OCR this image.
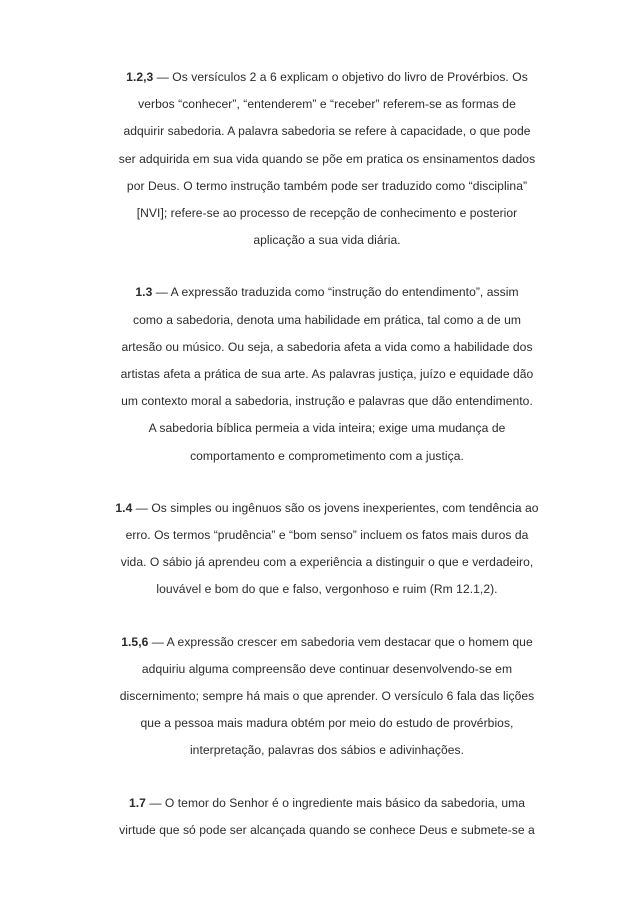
1.2,3 — Os versículos 2 a 6 explicam o objetivo do livro de Provérbios. Os
verbos “conhecer”, “entenderem” e “receber” referem-se as formas de
adquirir sabedoria. A palavra sabedoria se refere à capacidade, o que pode
ser adquirida em sua vida quando se põe em pratica os ensinamentos dados
por Deus. O termo instrução também pode ser traduzido como “disciplina”
[NVI]; refere-se ao processo de recepção de conhecimento e posterior
aplicação a sua vida diária.

1.3 — A expressão traduzida como “instrução do entendimento”, assim
como a sabedoria, denota uma habilidade em prática, tal como a de um
artesão ou músico. Ou seja, a sabedoria afeta a vida como a habilidade dos
artistas afeta a prática de sua arte. As palavras justiça, juízo e equidade dão
um contexto moral a sabedoria, instrução e palavras que dão entendimento.
A sabedoria bíblica permeia a vida inteira; exige uma mudança de
comportamento e comprometimento com a justiça.

1.4 — Os simples ou ingênuos são os jovens inexperientes, com tendência ao
erro. Os termos “prudência” e “bom senso” incluem os fatos mais duros da
vida. O sábio já aprendeu com a experiência a distinguir o que e verdadeiro,
louvável e bom do que e falso, vergonhoso e ruim (Rm 12.1,2).

1.5,6 — A expressão crescer em sabedoria vem destacar que o homem que
adquiriu alguma compreensão deve continuar desenvolvendo-se em
discernimento; sempre há mais o que aprender. O versículo 6 fala das lições
que a pessoa mais madura obtém por meio do estudo de provérbios,
interpretação, palavras dos sábios e adivinhações.

1.7 — O temor do Senhor é o ingrediente mais básico da sabedoria, uma
virtude que só pode ser alcançada quando se conhece Deus e submete-se a
